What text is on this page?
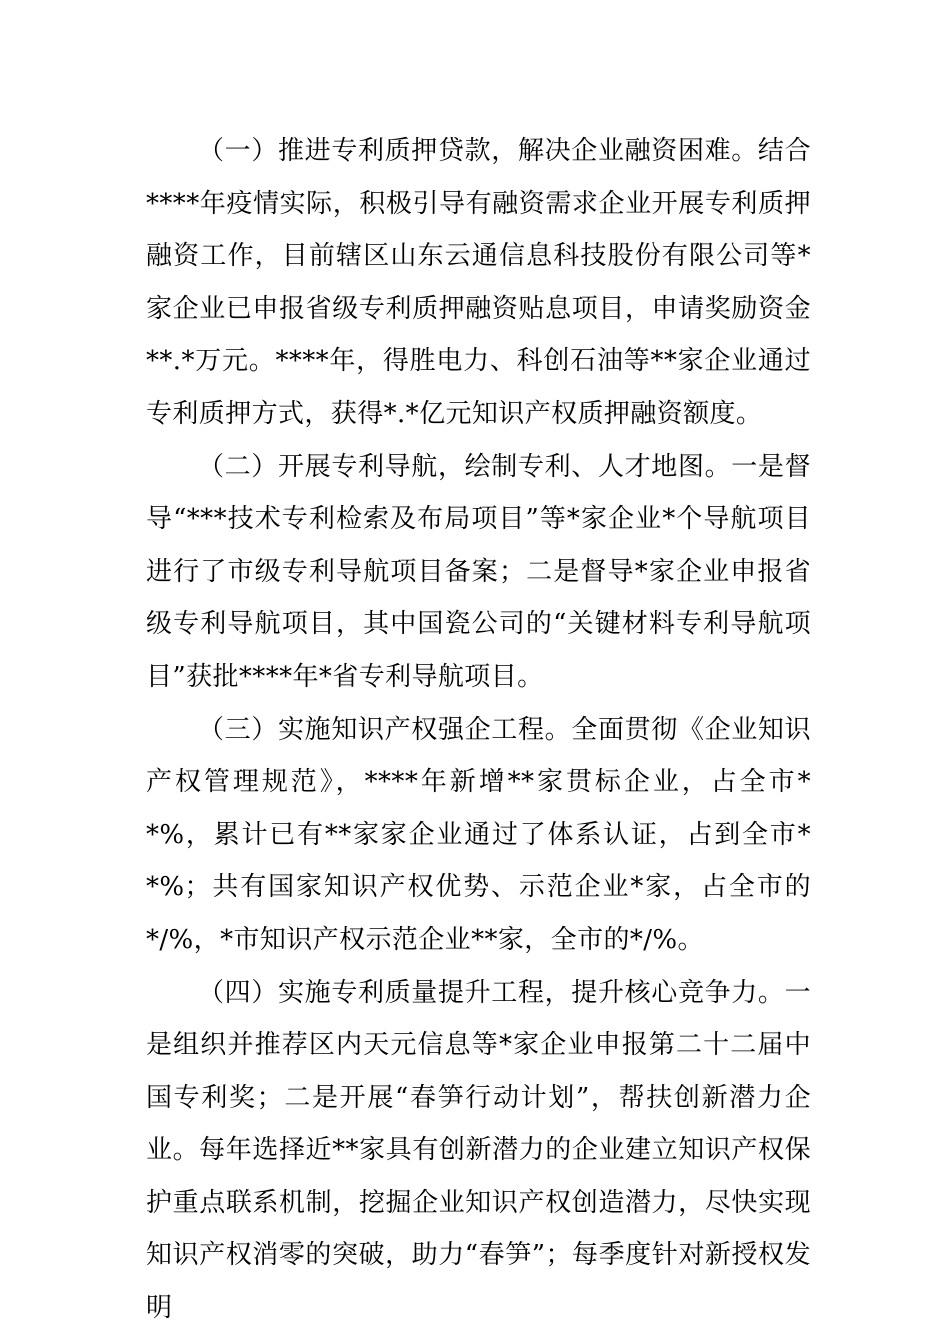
（一）推进专利质押贷款，解决企业融资困难。结合****年疫情实际，积极引导有融资需求企业开展专利质押融资工作，目前辖区山东云通信息科技股份有限公司等*家企业已申报省级专利质押融资贴息项目，申请奖励资金**.*万元。****年，得胜电力、科创石油等**家企业通过专利质押方式，获得*.*亿元知识产权质押融资额度。

（二）开展专利导航，绘制专利、人才地图。一是督导“***技术专利检索及布局项目”等*家企业*个导航项目进行了市级专利导航项目备案；二是督导*家企业申报省级专利导航项目，其中国瓷公司的“关键材料专利导航项目”获批****年*省专利导航项目。

（三）实施知识产权强企工程。全面贯彻《企业知识产权管理规范》，****年新增**家贯标企业，占全市**%，累计已有**家家企业通过了体系认证，占到全市**%；共有国家知识产权优势、示范企业*家，占全市的*/%，*市知识产权示范企业**家，全市的*/%。

（四）实施专利质量提升工程，提升核心竞争力。一是组织并推荐区内天元信息等*家企业申报第二十二届中国专利奖；二是开展“春笋行动计划”，帮扶创新潜力企业。每年选择近**家具有创新潜力的企业建立知识产权保护重点联系机制，挖掘企业知识产权创造潜力，尽快实现知识产权消零的突破，助力“春笋”；每季度针对新授权发明
